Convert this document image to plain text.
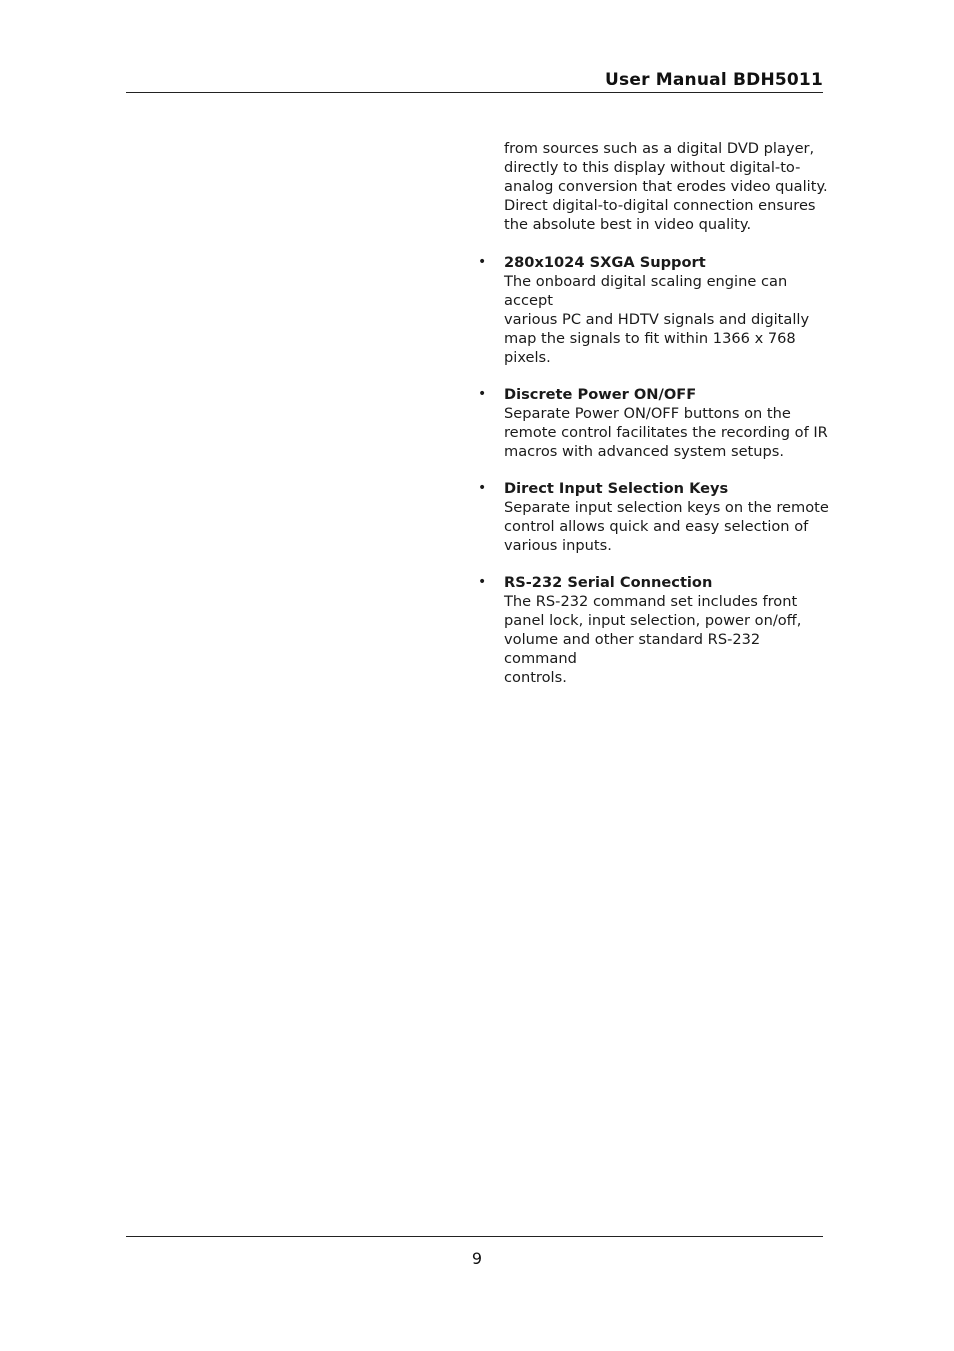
User Manual BDH5011

from sources such as a digital DVD player,
directly to this display without digital-to-
analog conversion that erodes video quality.
Direct digital-to-digital connection ensures
the absolute best in video quality.

• 280x1024 SXGA Support
The onboard digital scaling engine can accept
various PC and HDTV signals and digitally
map the signals to fit within 1366 x 768
pixels.
• Discrete Power ON/OFF
Separate Power ON/OFF buttons on the
remote control facilitates the recording of IR
macros with advanced system setups.
• Direct Input Selection Keys
Separate input selection keys on the remote
control allows quick and easy selection of
various inputs.
• RS-232 Serial Connection
The RS-232 command set includes front
panel lock, input selection, power on/off,
volume and other standard RS-232 command
controls.
9
